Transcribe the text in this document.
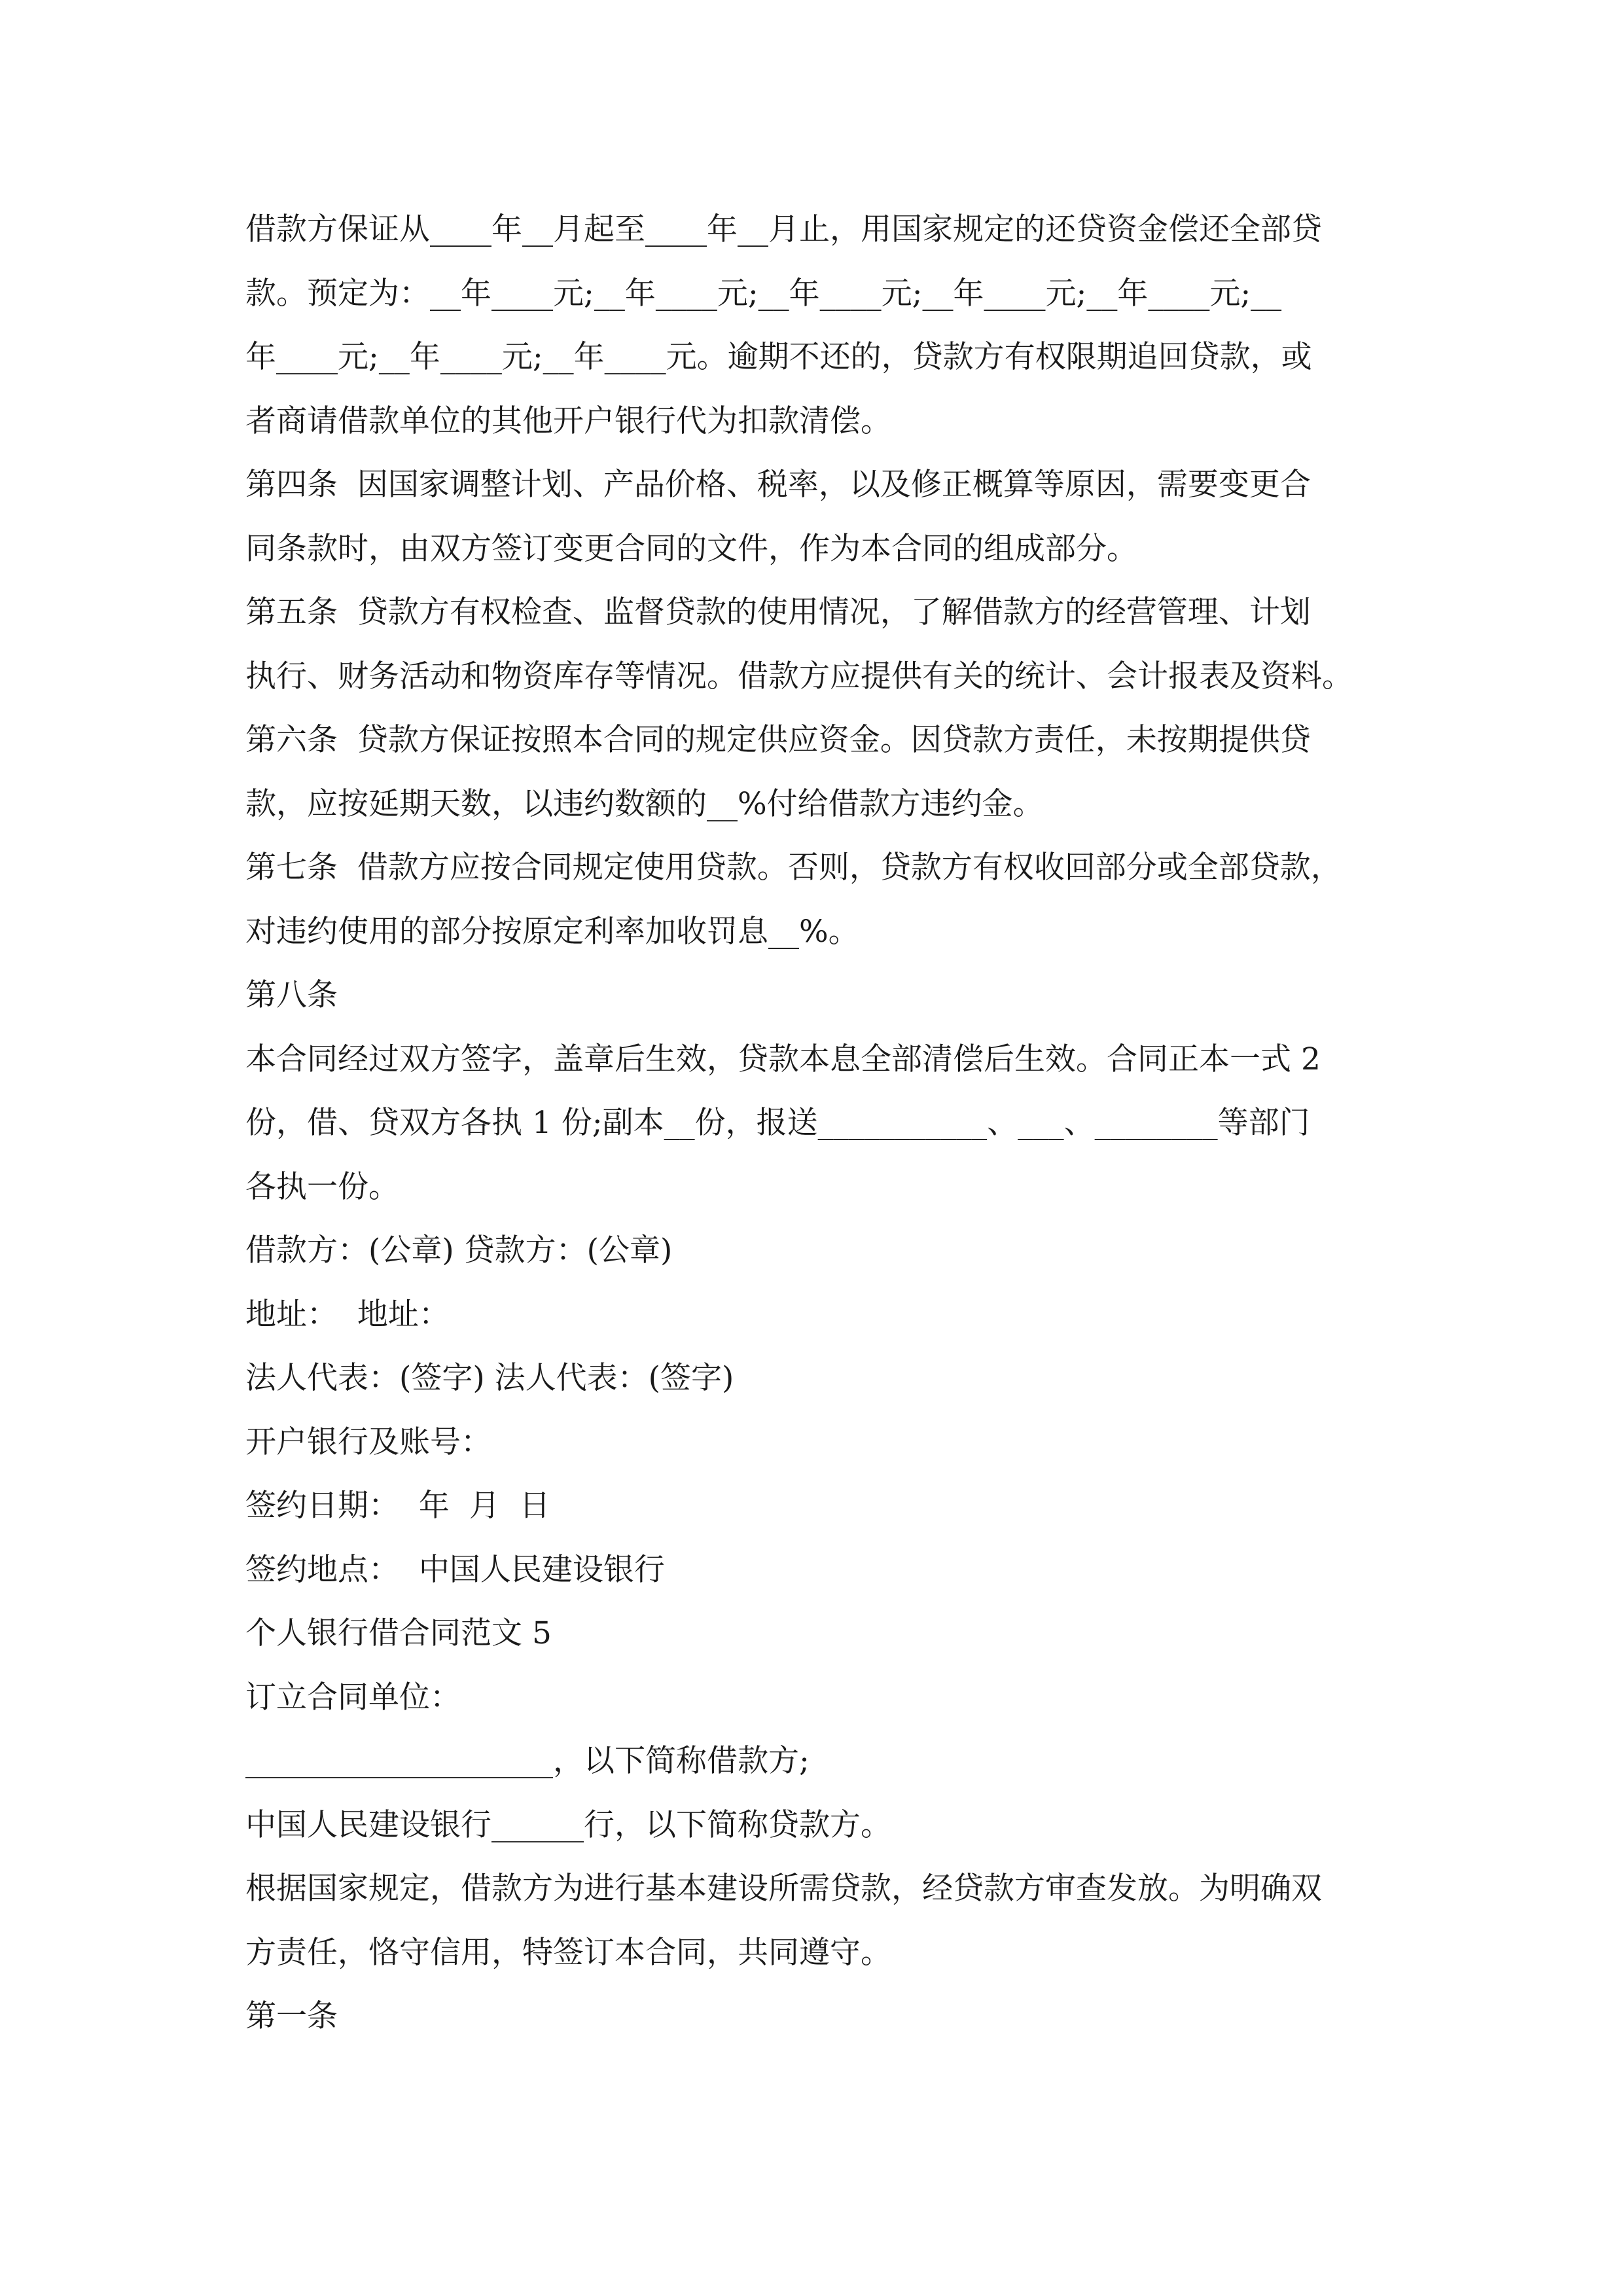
借款方保证从____年__月起至____年__月止，用国家规定的还贷资金偿还全部贷
款。预定为：__年____元;__年____元;__年____元;__年____元;__年____元;__
年____元;__年____元;__年____元。逾期不还的，贷款方有权限期追回贷款，或
者商请借款单位的其他开户银行代为扣款清偿。
第四条  因国家调整计划、产品价格、税率，以及修正概算等原因，需要变更合
同条款时，由双方签订变更合同的文件，作为本合同的组成部分。
第五条  贷款方有权检查、监督贷款的使用情况，了解借款方的经营管理、计划
执行、财务活动和物资库存等情况。借款方应提供有关的统计、会计报表及资料。
第六条  贷款方保证按照本合同的规定供应资金。因贷款方责任，未按期提供贷
款，应按延期天数，以违约数额的__%付给借款方违约金。
第七条  借款方应按合同规定使用贷款。否则，贷款方有权收回部分或全部贷款，
对违约使用的部分按原定利率加收罚息__%。
第八条
本合同经过双方签字，盖章后生效，贷款本息全部清偿后生效。合同正本一式 2
份，借、贷双方各执 1 份;副本__份，报送___________、___、________等部门
各执一份。
借款方：(公章) 贷款方：(公章)
地址：  地址：
法人代表：(签字) 法人代表：(签字)
开户银行及账号：
签约日期：  年  月  日
签约地点：  中国人民建设银行
个人银行借合同范文 5
订立合同单位：
____________________，以下简称借款方;
中国人民建设银行______行，以下简称贷款方。
根据国家规定，借款方为进行基本建设所需贷款，经贷款方审查发放。为明确双
方责任，恪守信用，特签订本合同，共同遵守。
第一条
